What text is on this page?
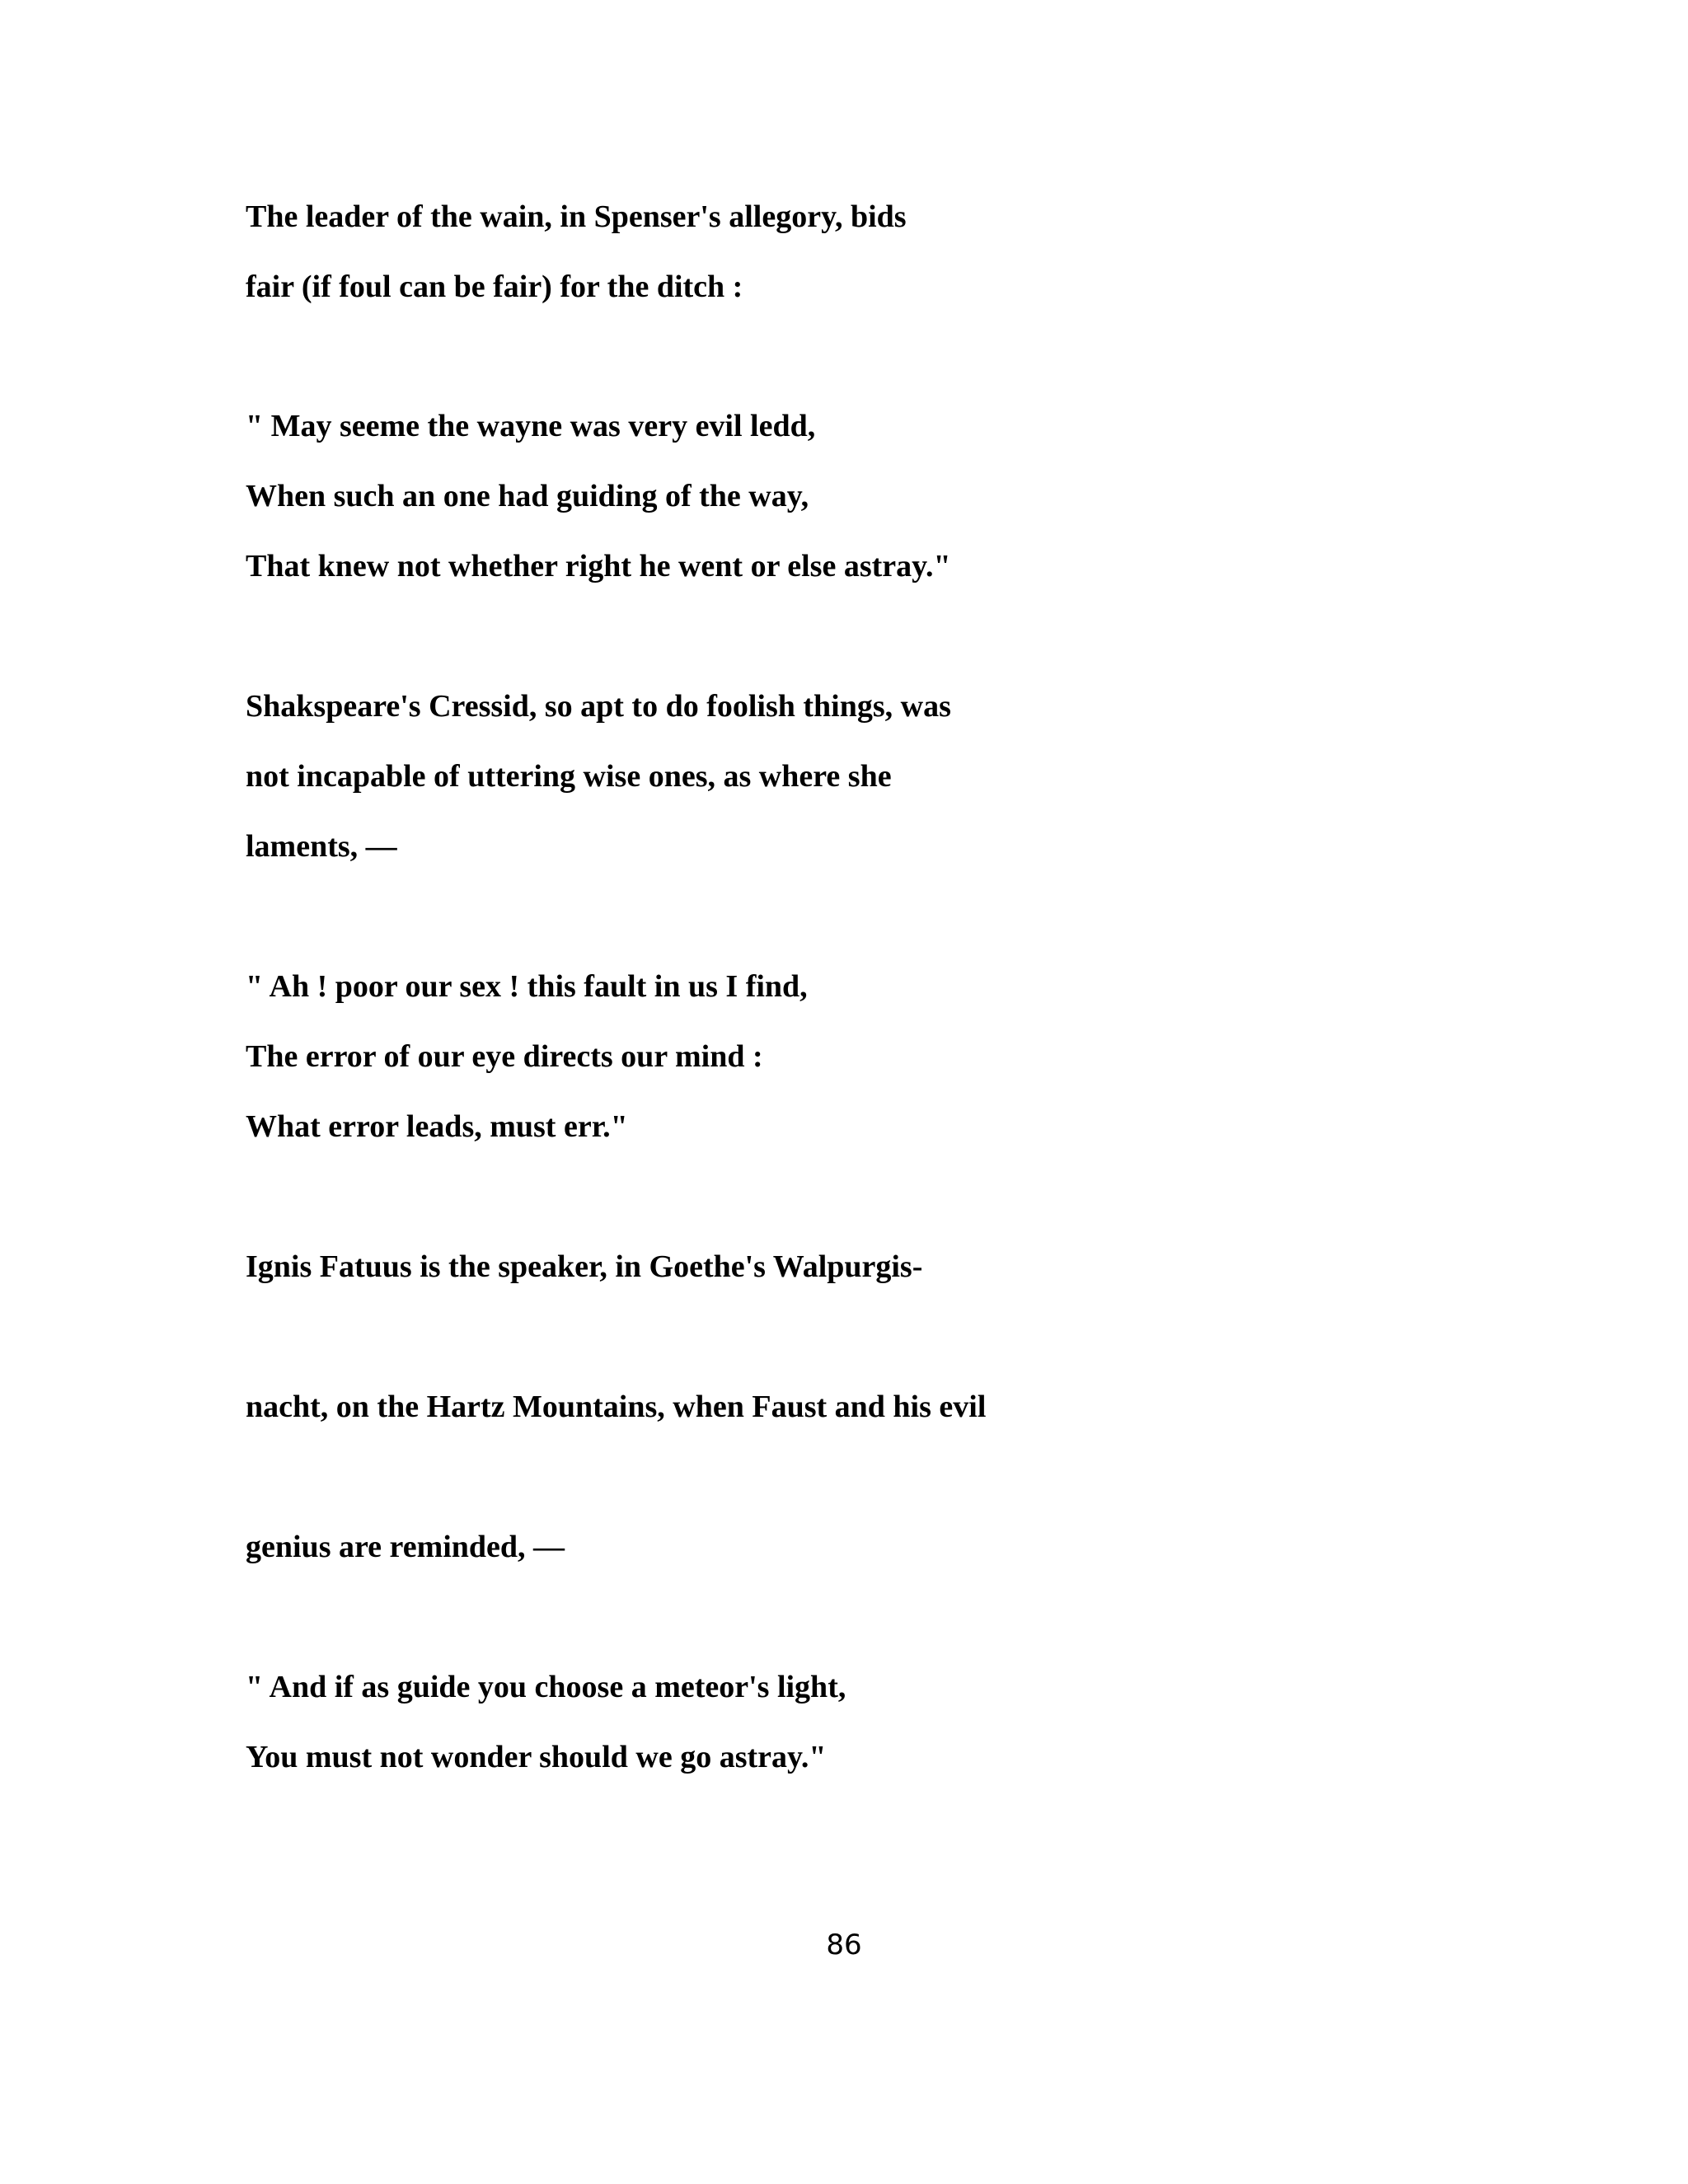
The leader of the wain, in Spenser's allegory, bids
fair (if foul can be fair) for the ditch :
" May seeme the wayne was very evil ledd,
When such an one had guiding of the way,
That knew not whether right he went or else astray."
Shakspeare's Cressid, so apt to do foolish things, was
not incapable of uttering wise ones, as where she
laments, —
" Ah ! poor our sex ! this fault in us I find,
The error of our eye directs our mind :
What error leads, must err."
Ignis Fatuus is the speaker, in Goethe's Walpurgis-
nacht, on the Hartz Mountains, when Faust and his evil
genius are reminded, —
" And if as guide you choose a meteor's light,
You must not wonder should we go astray."
86
